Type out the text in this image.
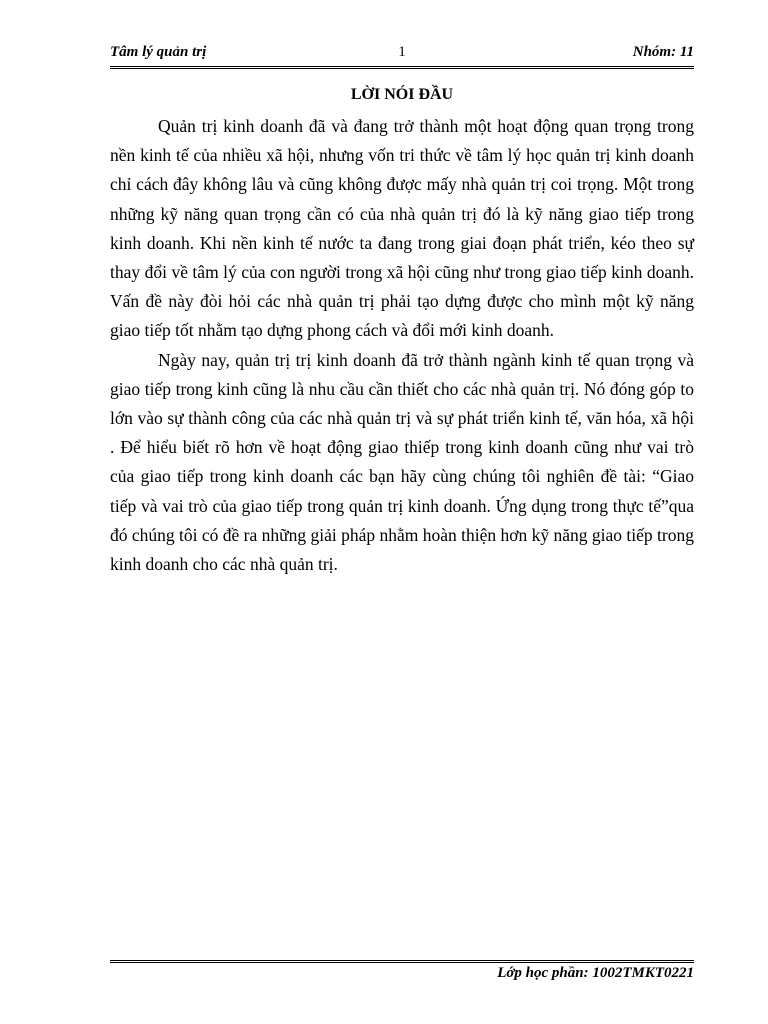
Tâm lý quản trị	1	Nhóm: 11
LỜI NÓI ĐẦU

Quản trị kinh doanh đã và đang trở thành một hoạt động quan trọng trong nền kinh tế của nhiều xã hội, nhưng vốn tri thức về tâm lý học quản trị kinh doanh chỉ cách đây không lâu và cũng không được mấy nhà quản trị coi trọng. Một trong những kỹ năng quan trọng cần có của nhà quản trị đó là kỹ năng giao tiếp trong kinh doanh. Khi nền kinh tế nước ta đang trong giai đoạn phát triển, kéo theo sự thay đổi về tâm lý của con người trong xã hội cũng như trong giao tiếp kinh doanh. Vấn đề này đòi hỏi các nhà quản trị phải tạo dựng được cho mình một kỹ năng giao tiếp tốt nhằm tạo dựng phong cách và đổi mới kinh doanh.

Ngày nay, quản trị trị kinh doanh đã trở thành ngành kinh tế quan trọng và giao tiếp trong kinh cũng là nhu cầu cần thiết cho các nhà quản trị. Nó đóng góp to lớn vào sự thành công của các nhà quản trị và sự phát triển kinh tế, văn hóa, xã hội . Để hiểu biết rõ hơn về hoạt động giao thiếp trong kinh doanh cũng như vai trò của giao tiếp trong kinh doanh các bạn hãy cùng chúng tôi nghiên đề tài: “Giao tiếp và vai trò của giao tiếp trong quản trị kinh doanh. Ứng dụng trong thực tế”qua đó chúng tôi có đề ra những giải pháp nhằm hoàn thiện hơn kỹ năng giao tiếp trong kinh doanh cho các nhà quản trị.

Lớp học phần: 1002TMKT0221
